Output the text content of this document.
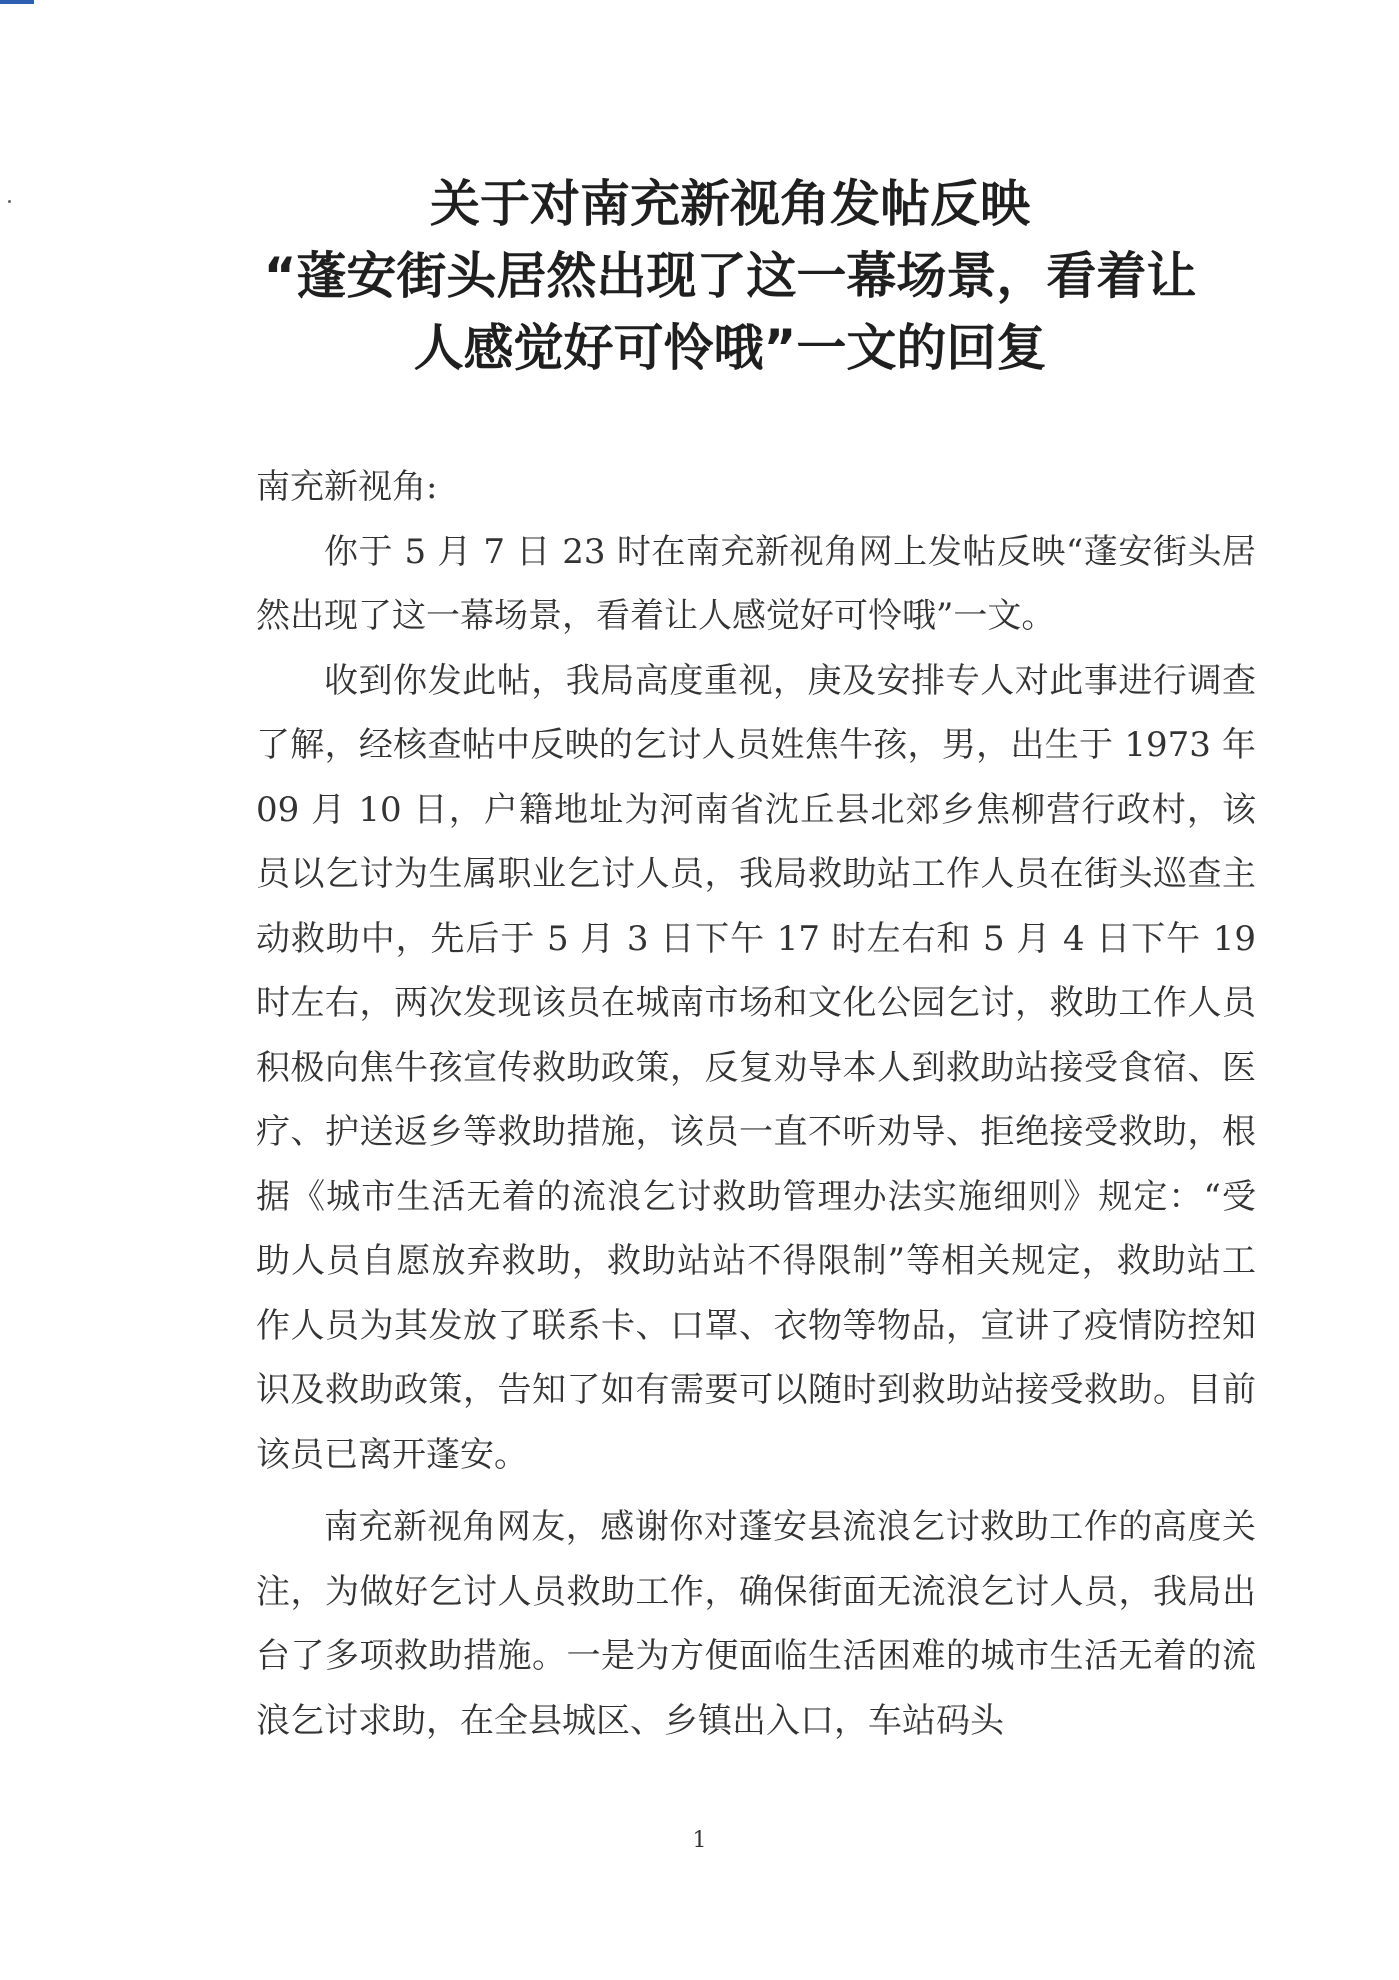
关于对南充新视角发帖反映
“蓬安街头居然出现了这一幕场景，看着让
人感觉好可怜哦”一文的回复

南充新视角:

你于 5 月 7 日 23 时在南充新视角网上发帖反映“蓬安街头居然出现了这一幕场景，看着让人感觉好可怜哦”一文。

收到你发此帖，我局高度重视，庚及安排专人对此事进行调查了解，经核查帖中反映的乞讨人员姓焦牛孩，男，出生于 1973 年 09 月 10 日，户籍地址为河南省沈丘县北郊乡焦柳营行政村，该员以乞讨为生属职业乞讨人员，我局救助站工作人员在街头巡查主动救助中，先后于 5 月 3 日下午 17 时左右和 5 月 4 日下午 19 时左右，两次发现该员在城南市场和文化公园乞讨，救助工作人员积极向焦牛孩宣传救助政策，反复劝导本人到救助站接受食宿、医疗、护送返乡等救助措施，该员一直不听劝导、拒绝接受救助，根据《城市生活无着的流浪乞讨救助管理办法实施细则》规定：“受助人员自愿放弃救助，救助站站不得限制”等相关规定，救助站工作人员为其发放了联系卡、口罩、衣物等物品，宣讲了疫情防控知识及救助政策，告知了如有需要可以随时到救助站接受救助。目前该员已离开蓬安。

南充新视角网友，感谢你对蓬安县流浪乞讨救助工作的高度关注，为做好乞讨人员救助工作，确保街面无流浪乞讨人员，我局出台了多项救助措施。一是为方便面临生活困难的城市生活无着的流浪乞讨求助，在全县城区、乡镇出入口，车站码头

1
